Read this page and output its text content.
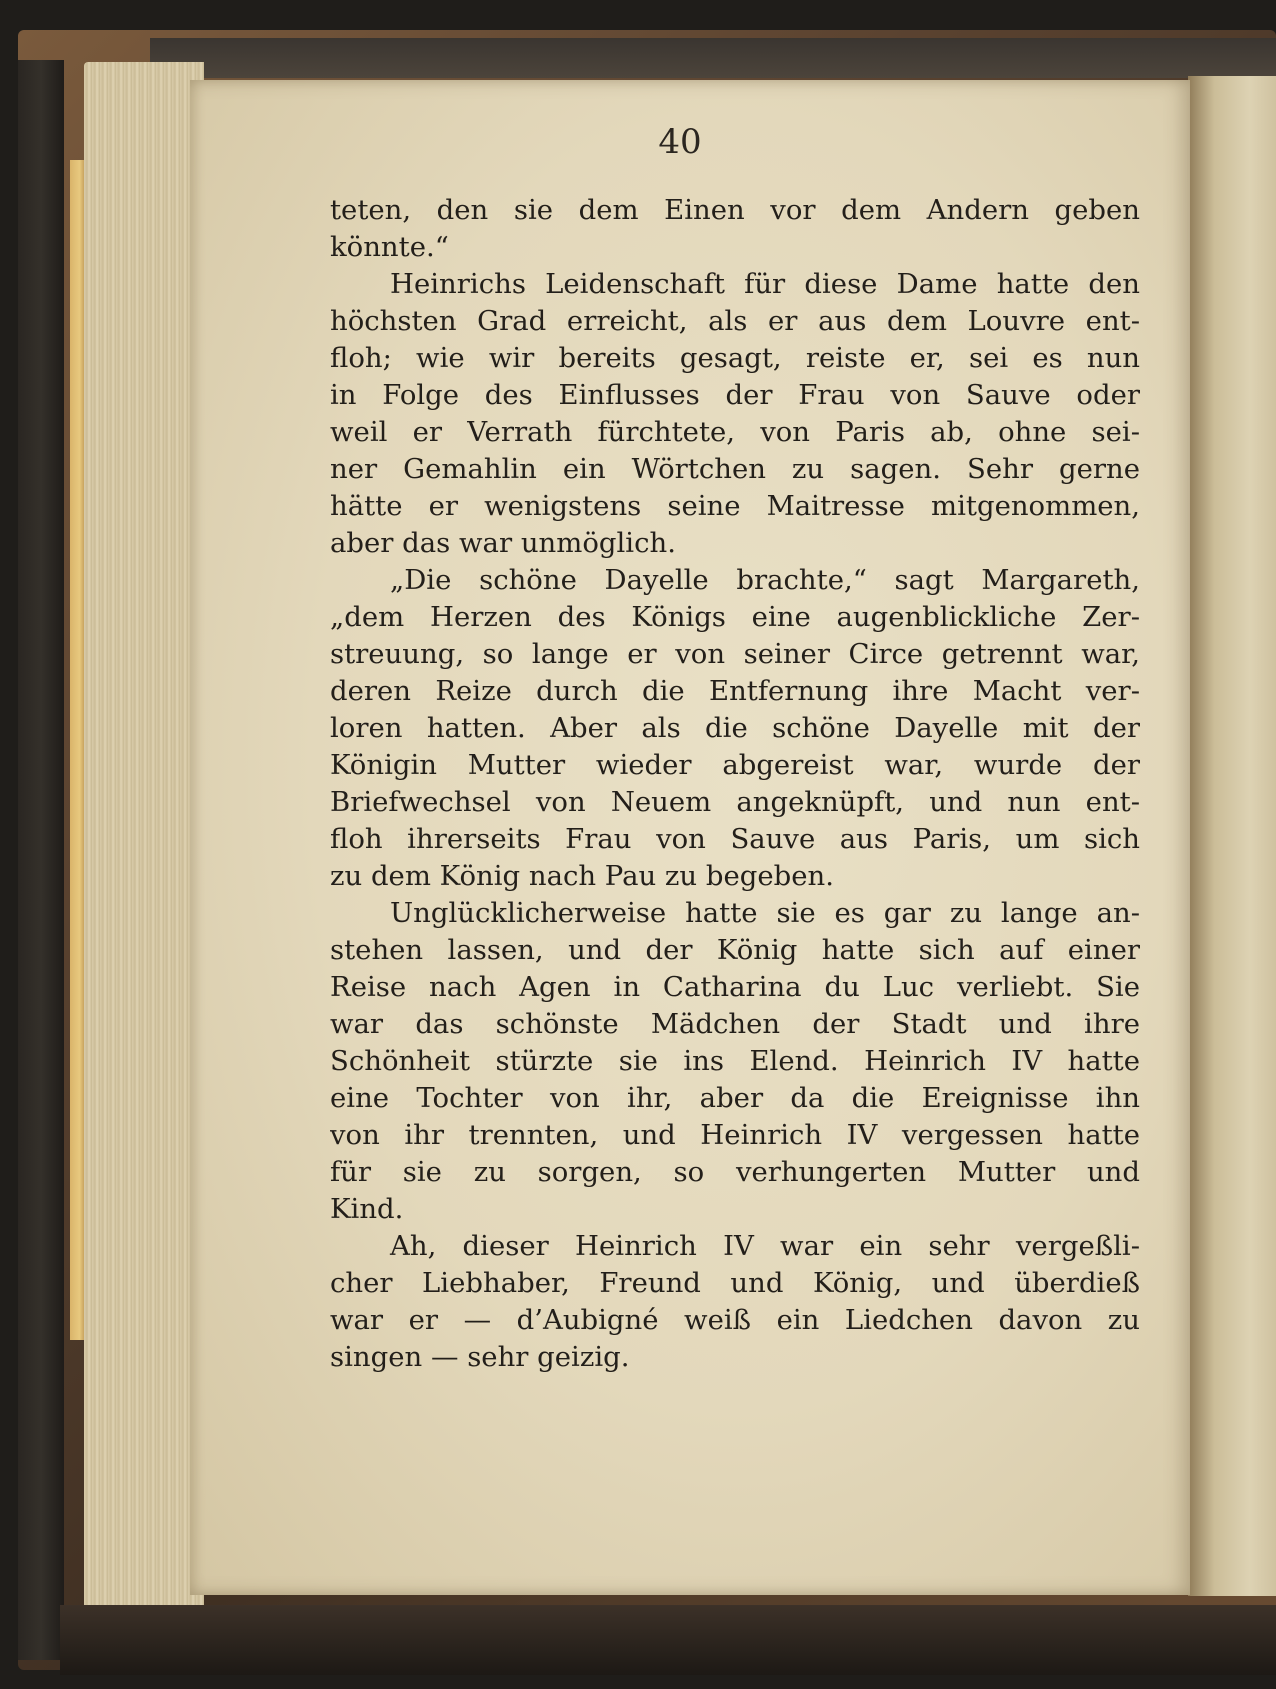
40
teten, den sie dem Einen vor dem Andern geben
könnte.“
Heinrichs Leidenschaft für diese Dame hatte den
höchsten Grad erreicht, als er aus dem Louvre ent-
floh; wie wir bereits gesagt, reiste er, sei es nun
in Folge des Einflusses der Frau von Sauve oder
weil er Verrath fürchtete, von Paris ab, ohne sei-
ner Gemahlin ein Wörtchen zu sagen. Sehr gerne
hätte er wenigstens seine Maitresse mitgenommen,
aber das war unmöglich.
„Die schöne Dayelle brachte,“ sagt Margareth,
„dem Herzen des Königs eine augenblickliche Zer-
streuung, so lange er von seiner Circe getrennt war,
deren Reize durch die Entfernung ihre Macht ver-
loren hatten. Aber als die schöne Dayelle mit der
Königin Mutter wieder abgereist war, wurde der
Briefwechsel von Neuem angeknüpft, und nun ent-
floh ihrerseits Frau von Sauve aus Paris, um sich
zu dem König nach Pau zu begeben.
Unglücklicherweise hatte sie es gar zu lange an-
stehen lassen, und der König hatte sich auf einer
Reise nach Agen in Catharina du Luc verliebt. Sie
war das schönste Mädchen der Stadt und ihre
Schönheit stürzte sie ins Elend. Heinrich IV hatte
eine Tochter von ihr, aber da die Ereignisse ihn
von ihr trennten, und Heinrich IV vergessen hatte
für sie zu sorgen, so verhungerten Mutter und
Kind.
Ah, dieser Heinrich IV war ein sehr vergeßli-
cher Liebhaber, Freund und König, und überdieß
war er — d’Aubigné weiß ein Liedchen davon zu
singen — sehr geizig.
